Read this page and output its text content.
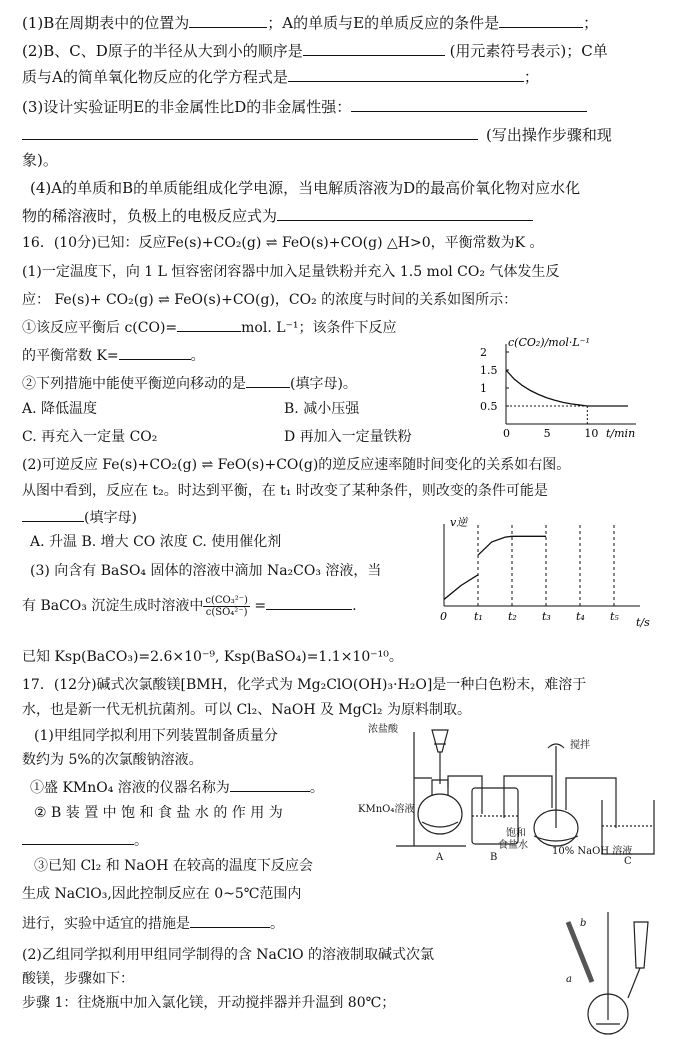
(1)B在周期表中的位置为	；A的单质与E的单质反应的条件是	；
(2)B、C、D原子的半径从大到小的顺序是	(用元素符号表示)；C单
质与A的简单氧化物反应的化学方程式是	；
(3)设计实验证明E的非金属性比D的非金属性强：
(写出操作步骤和现
象)。
(4)A的单质和B的单质能组成化学电源，当电解质溶液为D的最高价氧化物对应水化
物的稀溶液时，负极上的电极反应式为
16．(10分)已知：反应Fe(s)+CO₂(g) ⇌ FeO(s)+CO(g) △H>0，平衡常数为K 。
(1)一定温度下，向 1 L 恒容密闭容器中加入足量铁粉并充入 1.5 mol CO₂ 气体发生反
应： Fe(s)+ CO₂(g) ⇌ FeO(s)+CO(g)，CO₂ 的浓度与时间的关系如图所示：
①该反应平衡后 c(CO)=	mol. L⁻¹；该条件下反应
的平衡常数 K=	。
②下列措施中能使平衡逆向移动的是	(填字母)。
A. 降低温度	B. 减小压强
C. 再充入一定量 CO₂	D 再加入一定量铁粉
c(CO₂)/mol·L⁻¹
t/min
0	5	10
0.5
1
1.5
2
(2)可逆反应 Fe(s)+CO₂(g) ⇌ FeO(s)+CO(g)的逆反应速率随时间变化的关系如右图。
从图中看到，反应在 t₂。时达到平衡，在 t₁ 时改变了某种条件，则改变的条件可能是
(填字母)
A. 升温 B. 增大 CO 浓度 C. 使用催化剂
(3) 向含有 BaSO₄ 固体的溶液中滴加 Na₂CO₃ 溶液，当
有 BaCO₃ 沉淀生成时溶液中 $\frac{\text{c(CO₃²⁻)}}{\text{c(SO₄²⁻)}}$ =	.
v逆
t/s
0 t₁ t₂ t₃ t₄ t₅
已知 Ksp(BaCO₃)=2.6×10⁻⁹, Ksp(BaSO₄)=1.1×10⁻¹⁰。
17．(12分)碱式次氯酸镁[BMH，化学式为 Mg₂ClO(OH)₃·H₂O]是一种白色粉末，难溶于
水，也是新一代无机抗菌剂。可以 Cl₂、NaOH 及 MgCl₂ 为原料制取。
(1)甲组同学拟利用下列装置制备质量分
数约为 5%的次氯酸钠溶液。
①盛 KMnO₄ 溶液的仪器名称为	。
② B 装 置 中 饱 和 食 盐 水 的 作 用 为
。
③已知 Cl₂ 和 NaOH 在较高的温度下反应会
生成 NaClO₃,因此控制反应在 0~5℃范围内
进行，实验中适宜的措施是	。
(2)乙组同学拟利用甲组同学制得的含 NaClO 的溶液制取碱式次氯
酸镁，步骤如下：
步骤 1：往烧瓶中加入氯化镁，开动搅拌器并升温到 80℃；
浓盐酸
搅拌
KMnO₄溶液
饱和
食盐水
10% NaOH 溶液
A	B	C
b
a
